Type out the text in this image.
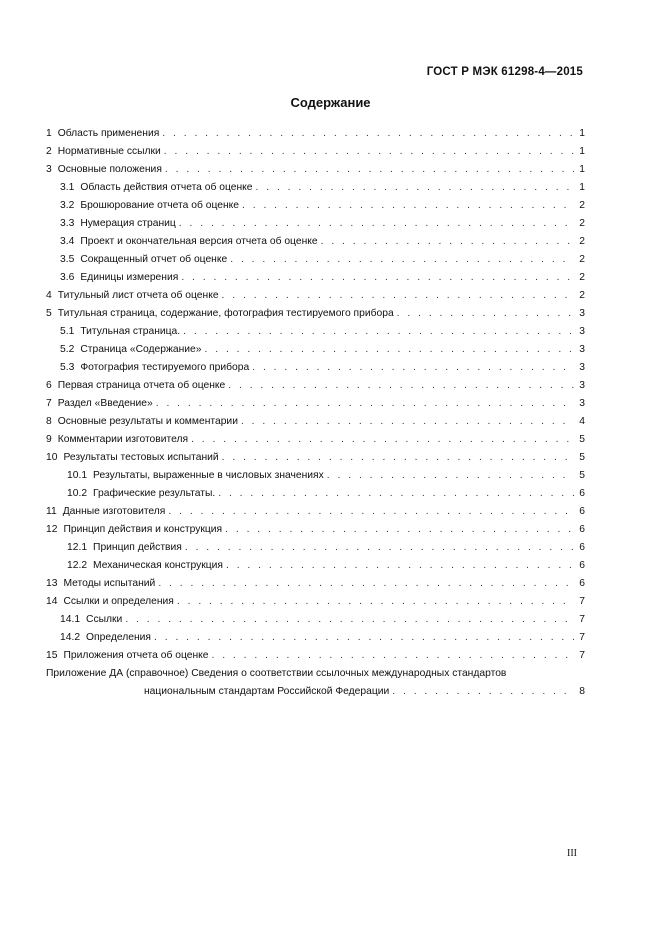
ГОСТ Р МЭК 61298-4—2015
Содержание
1 Область применения . . .	1
2 Нормативные ссылки . . .	1
3 Основные положения . . .	1
3.1 Область действия отчета об оценке . . .	1
3.2 Брошюрование отчета об оценке . . .	2
3.3 Нумерация страниц . . .	2
3.4 Проект и окончательная версия отчета об оценке . . .	2
3.5 Сокращенный отчет об оценке . . .	2
3.6 Единицы измерения . . .	2
4 Титульный лист отчета об оценке . . .	2
5 Титульная страница, содержание, фотография тестируемого прибора . . .	3
5.1 Титульная страница. . . .	3
5.2 Страница «Содержание» . . .	3
5.3 Фотография тестируемого прибора . . .	3
6 Первая страница отчета об оценке . . .	3
7 Раздел «Введение» . . .	3
8 Основные результаты и комментарии . . .	4
9 Комментарии изготовителя . . .	5
10 Результаты тестовых испытаний . . .	5
10.1 Результаты, выраженные в числовых значениях . . .	5
10.2 Графические результаты. . . .	6
11 Данные изготовителя . . .	6
12 Принцип действия и конструкция . . .	6
12.1 Принцип действия . . .	6
12.2 Механическая конструкция . . .	6
13 Методы испытаний . . .	6
14 Ссылки и определения . . .	7
14.1 Ссылки . . .	7
14.2 Определения . . .	7
15 Приложения отчета об оценке . . .	7
Приложение ДА (справочное) Сведения о соответствии ссылочных международных стандартов
национальным стандартам Российской Федерации . . .	8
III
